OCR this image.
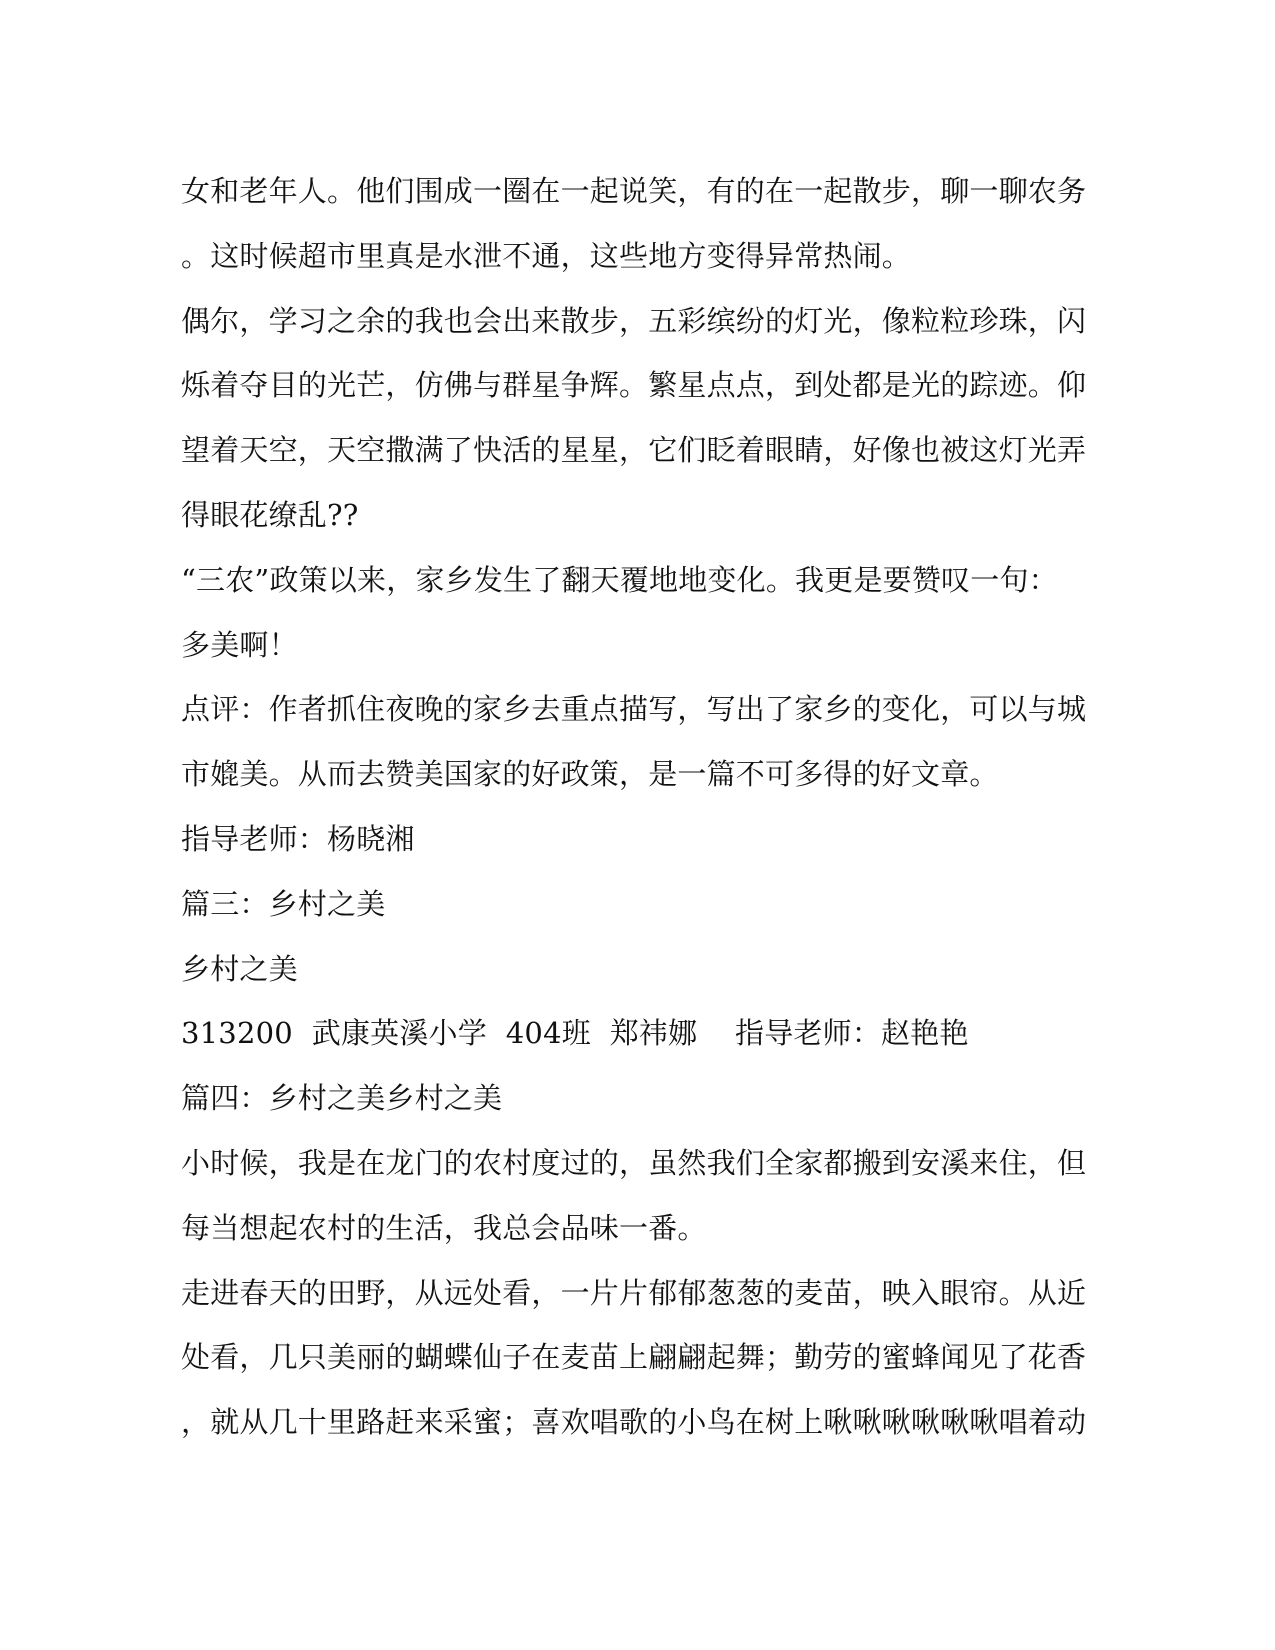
女和老年人。他们围成一圈在一起说笑，有的在一起散步，聊一聊农务
。这时候超市里真是水泄不通，这些地方变得异常热闹。
偶尔，学习之余的我也会出来散步，五彩缤纷的灯光，像粒粒珍珠，闪
烁着夺目的光芒，仿佛与群星争辉。繁星点点，到处都是光的踪迹。仰
望着天空，天空撒满了快活的星星，它们眨着眼睛，好像也被这灯光弄
得眼花缭乱??
“三农”政策以来，家乡发生了翻天覆地地变化。我更是要赞叹一句：
多美啊！
点评：作者抓住夜晚的家乡去重点描写，写出了家乡的变化，可以与城
市媲美。从而去赞美国家的好政策，是一篇不可多得的好文章。
指导老师：杨晓湘
篇三：乡村之美
乡村之美
313200  武康英溪小学  404班  郑祎娜    指导老师：赵艳艳
篇四：乡村之美乡村之美
小时候，我是在龙门的农村度过的，虽然我们全家都搬到安溪来住，但
每当想起农村的生活，我总会品味一番。
走进春天的田野，从远处看，一片片郁郁葱葱的麦苗，映入眼帘。从近
处看，几只美丽的蝴蝶仙子在麦苗上翩翩起舞；勤劳的蜜蜂闻见了花香
，就从几十里路赶来采蜜；喜欢唱歌的小鸟在树上啾啾啾啾啾啾唱着动
